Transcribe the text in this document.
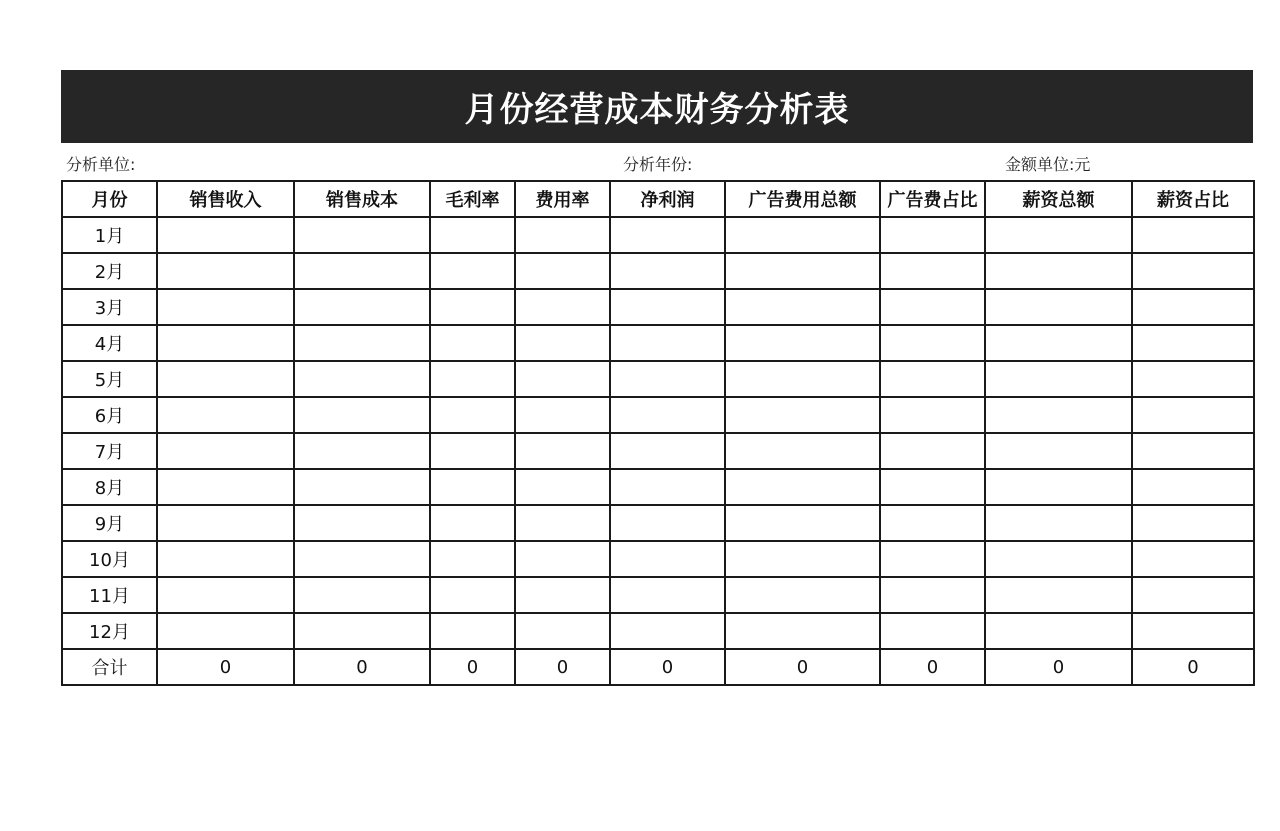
月份经营成本财务分析表
分析单位:	分析年份:	金额单位:元
月份	销售收入	销售成本	毛利率	费用率	净利润	广告费用总额	广告费占比	薪资总额	薪资占比
1月									
2月									
3月									
4月									
5月									
6月									
7月									
8月									
9月									
10月									
11月									
12月									
合计	0	0	0	0	0	0	0	0	0
